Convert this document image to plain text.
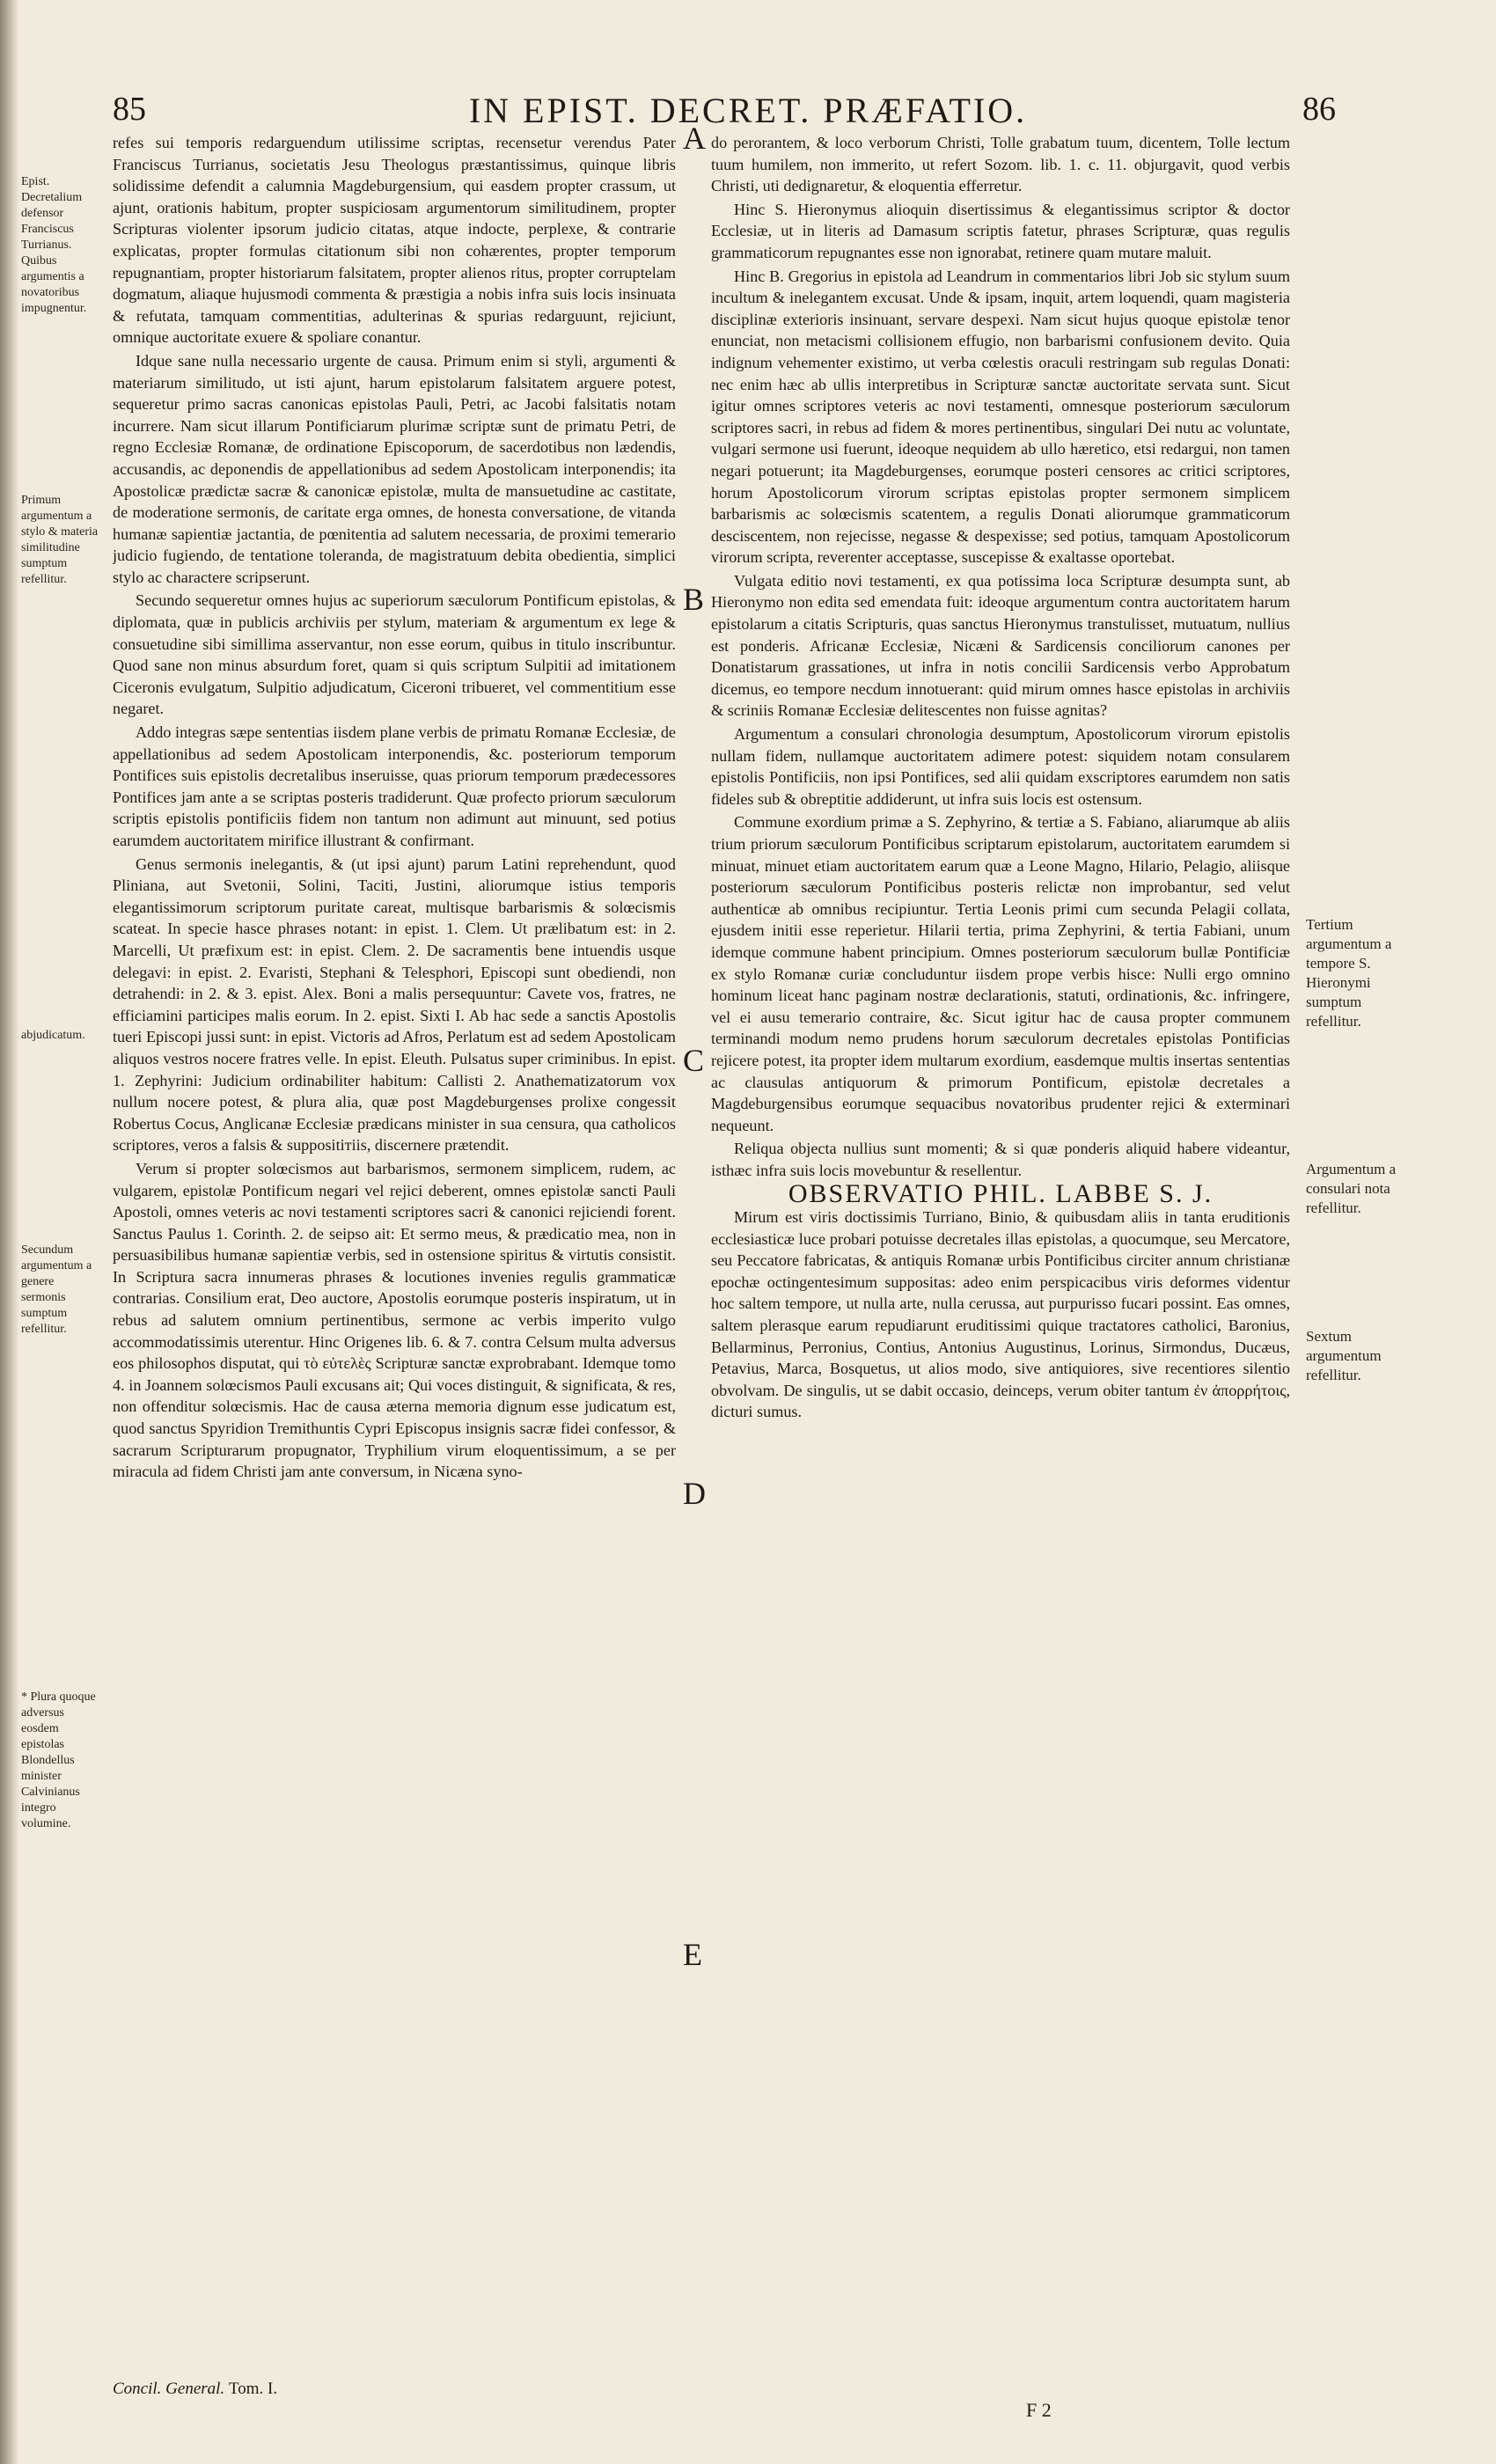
85	IN EPIST. DECRET. PRÆFATIO.	86
Epist. Decretalium defensor Franciscus Turrianus. Quibus argumentis a novatoribus impugnentur.
Primum argumentum a stylo & materia similitudine sumptum refellitur.
abjudicatum.
Secundum argumentum a genere sermonis sumptum refellitur.
* Plura quoque adversus eosdem epistolas Blondellus minister Calvinianus integro volumine.
Tertium argumentum a tempore S. Hieronymi sumptum refellitur.
Argumentum a consulari nota refellitur.
Sextum argumentum refellitur.
A
B
C
D
E

refes sui temporis redarguendum utilissime scriptas, recensetur verendus Pater Franciscus Turrianus, societatis Jesu Theologus præstantissimus, quinque libris solidissime defendit a calumnia Magdeburgensium, qui easdem propter crassum, ut ajunt, orationis habitum, propter suspiciosam argumentorum similitudinem, propter Scripturas violenter ipsorum judicio citatas, atque indocte, perplexe, & contrarie explicatas, propter formulas citationum sibi non cohærentes, propter temporum repugnantiam, propter historiarum falsitatem, propter alienos ritus, propter corruptelam dogmatum, aliaque hujusmodi commenta & præstigia a nobis infra suis locis insinuata & refutata, tamquam commentitias, adulterinas & spurias redarguunt, rejiciunt, omnique auctoritate exuere & spoliare conantur.

Idque sane nulla necessario urgente de causa. Primum enim si styli, argumenti & materiarum similitudo, ut isti ajunt, harum epistolarum falsitatem arguere potest, sequeretur primo sacras canonicas epistolas Pauli, Petri, ac Jacobi falsitatis notam incurrere. Nam sicut illarum Pontificiarum plurimæ scriptæ sunt de primatu Petri, de regno Ecclesiæ Romanæ, de ordinatione Episcoporum, de sacerdotibus non lædendis, accusandis, ac deponendis de appellationibus ad sedem Apostolicam interponendis; ita Apostolicæ prædictæ sacræ & canonicæ epistolæ, multa de mansuetudine ac castitate, de moderatione sermonis, de caritate erga omnes, de honesta conversatione, de vitanda humanæ sapientiæ jactantia, de pœnitentia ad salutem necessaria, de proximi temerario judicio fugiendo, de tentatione toleranda, de magistratuum debita obedientia, simplici stylo ac characterе scripserunt.

Secundo sequeretur omnes hujus ac superiorum sæculorum Pontificum epistolas, & diplomata, quæ in publicis archiviis per stylum, materiam & argumentum ex lege & consuetudine sibi simillima asservantur, non esse eorum, quibus in titulo inscribuntur. Quod sane non minus absurdum foret, quam si quis scriptum Sulpitii ad imitationem Ciceronis evulgatum, Sulpitio adjudicatum, Ciceroni tribueret, vel commentitium esse negaret.

Addo integras sæpe sententias iisdem plane verbis de primatu Romanæ Ecclesiæ, de appellationibus ad sedem Apostolicam interponendis, &c. posteriorum temporum Pontifices suis epistolis decretalibus inseruisse, quas priorum temporum prædecessores Pontifices jam ante a se scriptas posteris tradiderunt. Quæ profecto priorum sæculorum scriptis epistolis pontificiis fidem non tantum non adimunt aut minuunt, sed potius earumdem auctoritatem mirifice illustrant & confirmant.

Genus sermonis inelegantis, & (ut ipsi ajunt) parum Latini reprehendunt, quod Pliniana, aut Svetonii, Solini, Taciti, Justini, aliorumque istius temporis elegantissimorum scriptorum puritate careat, multisque barbarismis & solœcismis scateat. In specie hasce phrases notant: in epist. 1. Clem. Ut prælibatum est: in 2. Marcelli, Ut præfixum est: in epist. Clem. 2. De sacramentis bene intuendis usque delegavi: in epist. 2. Evaristi, Stephani & Telesphori, Episcopi sunt obediendi, non detrahendi: in 2. & 3. epist. Alex. Boni a malis persequuntur: Cavete vos, fratres, ne efficiamini participes malis eorum. In 2. epist. Sixti I. Ab hac sede a sanctis Apostolis tueri Episcopi jussi sunt: in epist. Victoris ad Afros, Perlatum est ad sedem Apostolicam aliquos vestros nocere fratres velle. In epist. Eleuth. Pulsatus super criminibus. In epist. 1. Zephyrini: Judicium ordinabiliter habitum: Callisti 2. Anathematizatorum vox nullum nocere potest, & plura alia, quæ post Magdeburgenses prolixe congessit Robertus Cocus, Anglicanæ Ecclesiæ prædicans minister in sua censura, qua catholicos scriptores, veros a falsis & suppositiтiis, discernere prætendit.

Verum si propter solœcismos aut barbarismos, sermonem simplicem, rudem, ac vulgarem, epistolæ Pontificum negari vel rejici deberent, omnes epistolæ sancti Pauli Apostoli, omnes veteris ac novi testamenti scriptores sacri & canonici rejiciendi forent. Sanctus Paulus 1. Corinth. 2. de seipso ait: Et sermo meus, & prædicatio mea, non in persuasibilibus humanæ sapientiæ verbis, sed in ostensione spiritus & virtutis consistit. In Scriptura sacra innumeras phrases & locutiones invenies regulis grammaticæ contrarias. Consilium erat, Deo auctore, Apostolis eorumque posteris inspiratum, ut in rebus ad salutem omnium pertinentibus, sermone ac verbis imperito vulgo accommodatissimis uterentur. Hinc Origenes lib. 6. & 7. contra Celsum multa adversus eos philosophos disputat, qui τὸ εὐτελὲς Scripturæ sanctæ exprobrabant. Idemque tomo 4. in Joannem solœcismos Pauli excusans ait; Qui voces distinguit, & significata, & res, non offenditur solœcismis. Hac de causa æterna memoria dignum esse judicatum est, quod sanctus Spyridion Tremithuntis Cypri Episcopus insignis sacræ fidei confessor, & sacrarum Scripturarum propugnator, Tryphilium virum eloquentissimum, a se per miracula ad fidem Christi jam ante conversum, in Nicæna syno-

do perorantem, & loco verborum Christi, Tolle grabatum tuum, dicentem, Tolle lectum tuum humilem, non immerito, ut refert Sozom. lib. 1. c. 11. objurgavit, quod verbis Christi, uti dedignaretur, & eloquentia efferretur.

Hinc S. Hieronymus alioquin disertissimus & elegantissimus scriptor & doctor Ecclesiæ, ut in literis ad Damasum scriptis fatetur, phrases Scripturæ, quas regulis grammaticorum repugnantes esse non ignorabat, retinere quam mutare maluit.

Hinc B. Gregorius in epistola ad Leandrum in commentarios libri Job sic stylum suum incultum & inelegantem excusat. Unde & ipsam, inquit, artem loquendi, quam magisteria disciplinæ exterioris insinuant, servare despexi. Nam sicut hujus quoque epistolæ tenor enunciat, non metacismi collisionem effugio, non barbarismi confusionem devito. Quia indignum vehementer existimo, ut verba cœlestis oraculi restringam sub regulas Donati: nec enim hæc ab ullis interpretibus in Scripturæ sanctæ auctoritate servata sunt. Sicut igitur omnes scriptores veteris ac novi testamenti, omnesque posteriorum sæculorum scriptores sacri, in rebus ad fidem & mores pertinentibus, singulari Dei nutu ac voluntate, vulgari sermone usi fuerunt, ideoque nequidem ab ullo hæretico, etsi redargui, non tamen negari potuerunt; ita Magdeburgenses, eorumque posteri censores ac critici scriptores, horum Apostolicorum virorum scriptas epistolas propter sermonem simplicem barbarismis ac solœcismis scatentem, a regulis Donati aliorumque grammaticorum desciscentem, non rejecisse, negasse & despexisse; sed potius, tamquam Apostolicorum virorum scripta, reverenter acceptasse, suscepisse & exaltasse oportebat.

Vulgata editio novi testamenti, ex qua potissima loca Scripturæ desumpta sunt, ab Hieronymo non edita sed emendata fuit: ideoque argumentum contra auctoritatem harum epistolarum a citatis Scripturis, quas sanctus Hieronymus transtulisset, mutuatum, nullius est ponderis. Africanæ Ecclesiæ, Nicæni & Sardicensis conciliorum canones per Donatistarum grassationes, ut infra in notis concilii Sardicensis verbo Approbatum dicemus, eo tempore necdum innotuerant: quid mirum omnes hasce epistolas in archiviis & scriniis Romanæ Ecclesiæ delitescentes non fuisse agnitas?

Argumentum a consulari chronologia desumptum, Apostolicorum virorum epistolis nullam fidem, nullamque auctoritatem adimere potest: siquidem notam consularem epistolis Pontificiis, non ipsi Pontifices, sed alii quidam exscriptores earumdem non satis fideles sub & obreptitie addiderunt, ut infra suis locis est ostensum.

Commune exordium primæ a S. Zephyrino, & tertiæ a S. Fabiano, aliarumque ab aliis trium priorum sæculorum Pontificibus scriptarum epistolarum, auctoritatem earumdem si minuat, minuet etiam auctoritatem earum quæ a Leone Magno, Hilario, Pelagio, aliisque posteriorum sæculorum Pontificibus posteris relictæ non improbantur, sed velut authenticæ ab omnibus recipiuntur. Tertia Leonis primi cum secunda Pelagii collata, ejusdem initii esse reperietur. Hilarii tertia, prima Zephyrini, & tertia Fabiani, unum idemque commune habent principium. Omnes posteriorum sæculorum bullæ Pontificiæ ex stylo Romanæ curiæ concluduntur iisdem prope verbis hisce: Nulli ergo omnino hominum liceat hanc paginam nostræ declarationis, statuti, ordinationis, &c. infringere, vel ei ausu temerario contraire, &c. Sicut igitur hac de causa propter communem terminandi modum nemo prudens horum sæculorum decretales epistolas Pontificias rejicere potest, ita propter idem multarum exordium, easdemque multis insertas sententias ac clausulas antiquorum & primorum Pontificum, epistolæ decretales a Magdeburgensibus eorumque sequacibus novatoribus prudenter rejici & exterminari nequeunt.

Reliqua objecta nullius sunt momenti; & si quæ ponderis aliquid habere videantur, isthæc infra suis locis movebuntur & resellentur.

OBSERVATIO PHIL. LABBE S. J.

Mirum est viris doctissimis Turriano, Binio, & quibusdam aliis in tanta eruditionis ecclesiasticæ luce probari potuisse decretales illas epistolas, a quocumque, seu Mercatore, seu Peccatore fabricatas, & antiquis Romanæ urbis Pontificibus circiter annum christianæ epochæ octingentesimum suppositas: adeo enim perspicacibus viris deformes videntur hoc saltem tempore, ut nulla arte, nulla cerussa, aut purpurisso fucari possint. Eas omnes, saltem plerasque earum repudiarunt eruditissimi quique tractatores catholici, Baronius, Bellarminus, Perronius, Contius, Antonius Augustinus, Lorinus, Sirmondus, Ducæus, Petavius, Marca, Bosquetus, ut alios modo, sive antiquiores, sive recentiores silentio obvolvam. De singulis, ut se dabit occasio, deinceps, verum obiter tantum ἐν ἀπορρήτοις, dicturi sumus.

Concil. General. Tom. I.
F 2
